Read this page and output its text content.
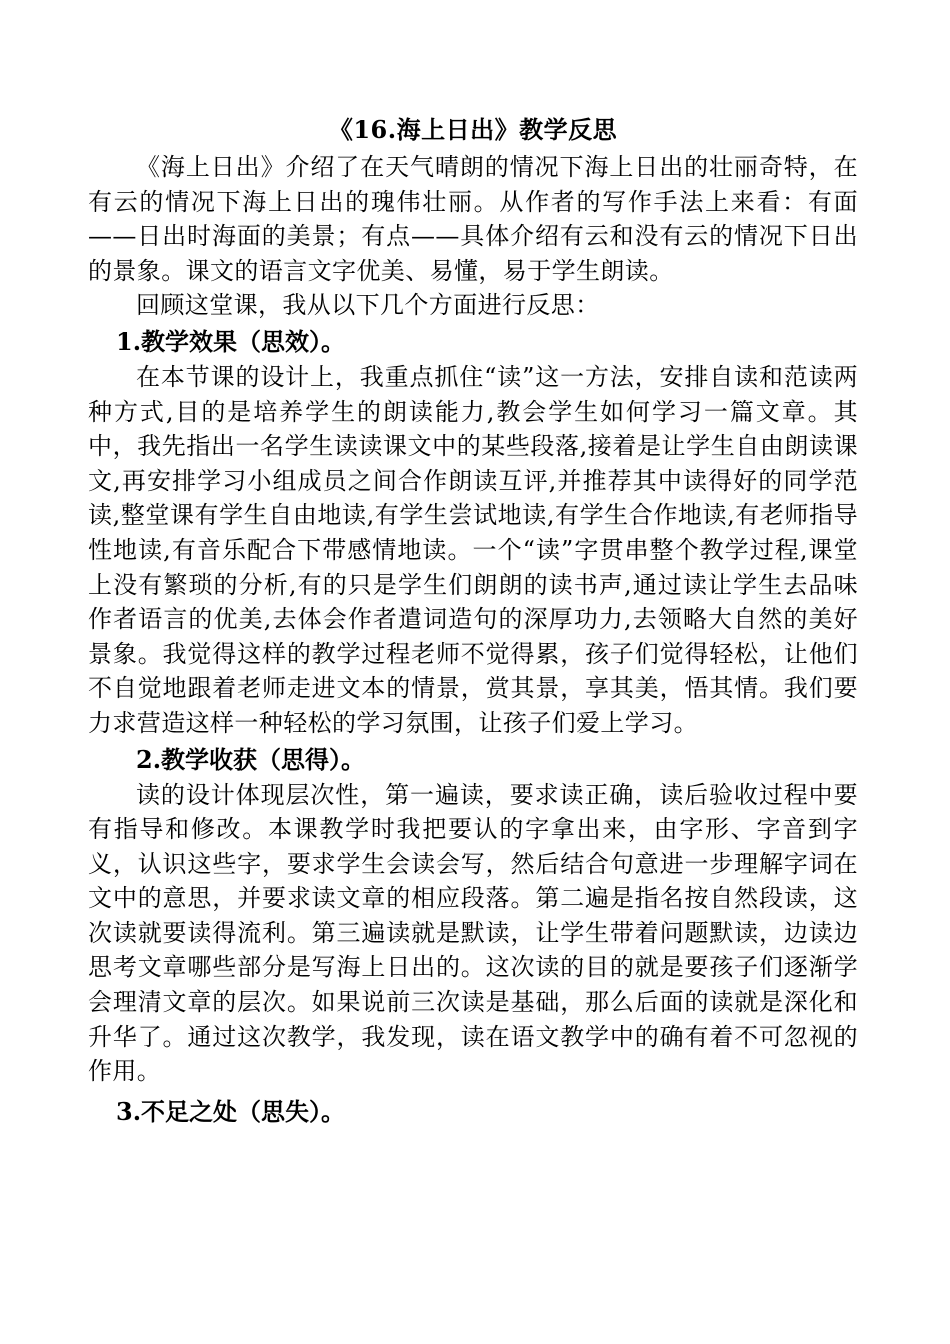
《16.海上日出》教学反思

《海上日出》介绍了在天气晴朗的情况下海上日出的壮丽奇特，在有云的情况下海上日出的瑰伟壮丽。从作者的写作手法上来看：有面——日出时海面的美景；有点——具体介绍有云和没有云的情况下日出的景象。课文的语言文字优美、易懂，易于学生朗读。

回顾这堂课，我从以下几个方面进行反思：

1.教学效果（思效）。

在本节课的设计上，我重点抓住“读”这一方法，安排自读和范读两种方式,目的是培养学生的朗读能力,教会学生如何学习一篇文章。其中，我先指出一名学生读读课文中的某些段落,接着是让学生自由朗读课文,再安排学习小组成员之间合作朗读互评,并推荐其中读得好的同学范读,整堂课有学生自由地读,有学生尝试地读,有学生合作地读,有老师指导性地读,有音乐配合下带感情地读。一个“读”字贯串整个教学过程,课堂上没有繁琐的分析,有的只是学生们朗朗的读书声,通过读让学生去品味作者语言的优美,去体会作者遣词造句的深厚功力,去领略大自然的美好景象。我觉得这样的教学过程老师不觉得累，孩子们觉得轻松，让他们不自觉地跟着老师走进文本的情景，赏其景，享其美，悟其情。我们要力求营造这样一种轻松的学习氛围，让孩子们爱上学习。

2.教学收获（思得）。

读的设计体现层次性，第一遍读，要求读正确，读后验收过程中要有指导和修改。本课教学时我把要认的字拿出来，由字形、字音到字义，认识这些字，要求学生会读会写，然后结合句意进一步理解字词在文中的意思，并要求读文章的相应段落。第二遍是指名按自然段读，这次读就要读得流利。第三遍读就是默读，让学生带着问题默读，边读边思考文章哪些部分是写海上日出的。这次读的目的就是要孩子们逐渐学会理清文章的层次。如果说前三次读是基础，那么后面的读就是深化和升华了。通过这次教学，我发现，读在语文教学中的确有着不可忽视的作用。

3.不足之处（思失）。
